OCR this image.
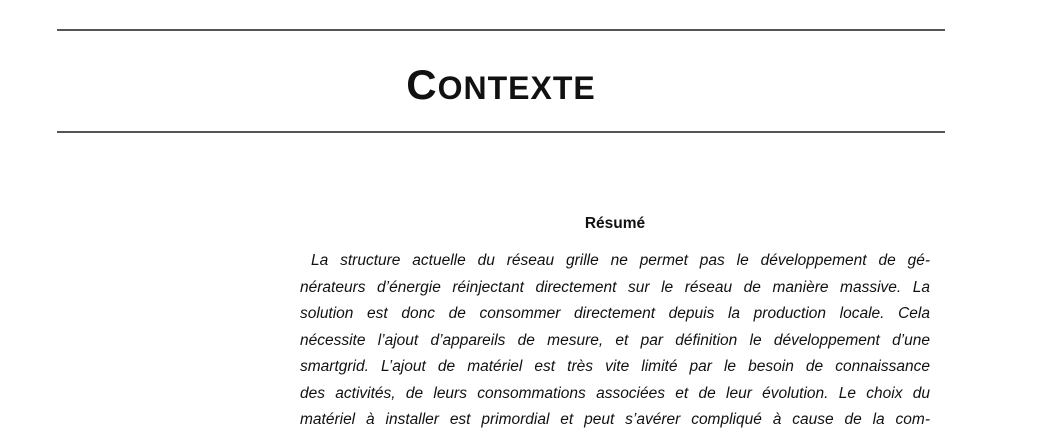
CONTEXTE
Résumé
La structure actuelle du réseau grille ne permet pas le développement de gé-
nérateurs d’énergie réinjectant directement sur le réseau de manière massive. La
solution est donc de consommer directement depuis la production locale. Cela
nécessite l’ajout d’appareils de mesure, et par définition le développement d’une
smartgrid. L’ajout de matériel est très vite limité par le besoin de connaissance
des activités, de leurs consommations associées et de leur évolution. Le choix du
matériel à installer est primordial et peut s’avérer compliqué à cause de la com-
